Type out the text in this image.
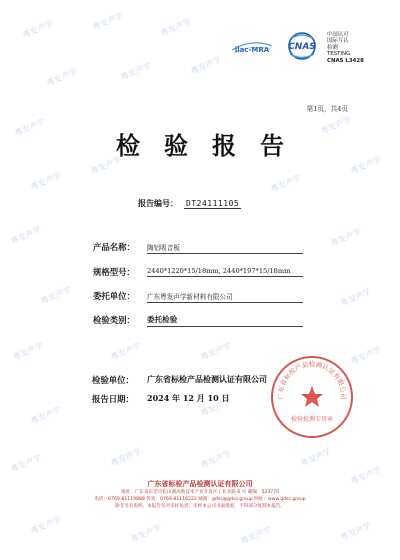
粤发声学	粤发声学	粤发声学
粤发声学	粤发声学	粤发声学
粤发声学	粤发声学
粤发声学
粤发声学
粤发声学
粤发声学
粤发声学	粤发声学
粤发声学	粤发声学
粤发声学	粤发声学	粤发声学	粤发声学
粤发声学	粤发声学
粤发声学	粤发声学	粤发声学	粤发声学
粤发声学
粤发声学	粤发声学	粤发声学	粤发声学
ilac-MRA CNAS
中国认可
国际互认
检测
TESTING
CNAS L3428
第1页，共4页
检验报告
报告编号： DT24111105
产品名称： 陶铝吸音板
规格型号： 2440*1220*15/18mm, 2440*197*15/18mm
委托单位： 广东粤发声学新材料有限公司
检验类别： 委托检验
检验单位： 广东省标检产品检测认证有限公司
报告日期： 2024 年 12 月 10 日	广东省标检产品检测认证有限公司
检验检测专用章
广东省标检产品检测认证有限公司
地址：广东省东莞市松山湖高新技术产业开发区工业北路 6 号 邮编：523770
电话：0769-81119888 传真：0769-81116222 邮箱：gdss@gdss.group 网址：www.gdss.group
除非另有说明，本报告仅对来样负责；未经本公司书面批准，不得部分复制本报告。
